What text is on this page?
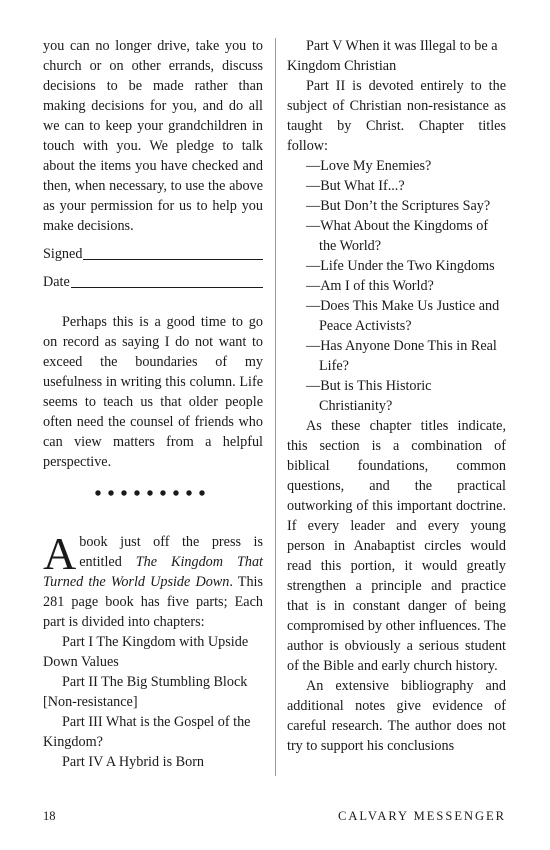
you can no longer drive, take you to church or on other errands, discuss decisions to be made rather than making decisions for you, and do all we can to keep your grandchildren in touch with you. We pledge to talk about the items you have checked and then, when necessary, to use the above as your permission for us to help you make decisions.

Signed
Date

Perhaps this is a good time to go on record as saying I do not want to exceed the boundaries of my usefulness in writing this column. Life seems to teach us that older people often need the counsel of friends who can view matters from a helpful perspective.

•••••••••

A book just off the press is entitled The Kingdom That Turned the World Upside Down. This 281 page book has five parts; Each part is divided into chapters:

Part I The Kingdom with Upside Down Values

Part II The Big Stumbling Block [Non-resistance]

Part III What is the Gospel of the Kingdom?

Part IV A Hybrid is Born

Part V When it was Illegal to be a Kingdom Christian

Part II is devoted entirely to the subject of Christian non-resistance as taught by Christ. Chapter titles follow:

—Love My Enemies?

—But What If...?

—But Don’t the Scriptures Say?

—What About the Kingdoms of the World?

—Life Under the Two Kingdoms

—Am I of this World?

—Does This Make Us Justice and Peace Activists?

—Has Anyone Done This in Real Life?

—But is This Historic Christianity?

As these chapter titles indicate, this section is a combination of biblical foundations, common questions, and the practical outworking of this important doctrine. If every leader and every young person in Anabaptist circles would read this portion, it would greatly strengthen a principle and practice that is in constant danger of being compromised by other influences. The author is obviously a serious student of the Bible and early church history.

An extensive bibliography and additional notes give evidence of careful research. The author does not try to support his conclusions

18	CALVARY MESSENGER
